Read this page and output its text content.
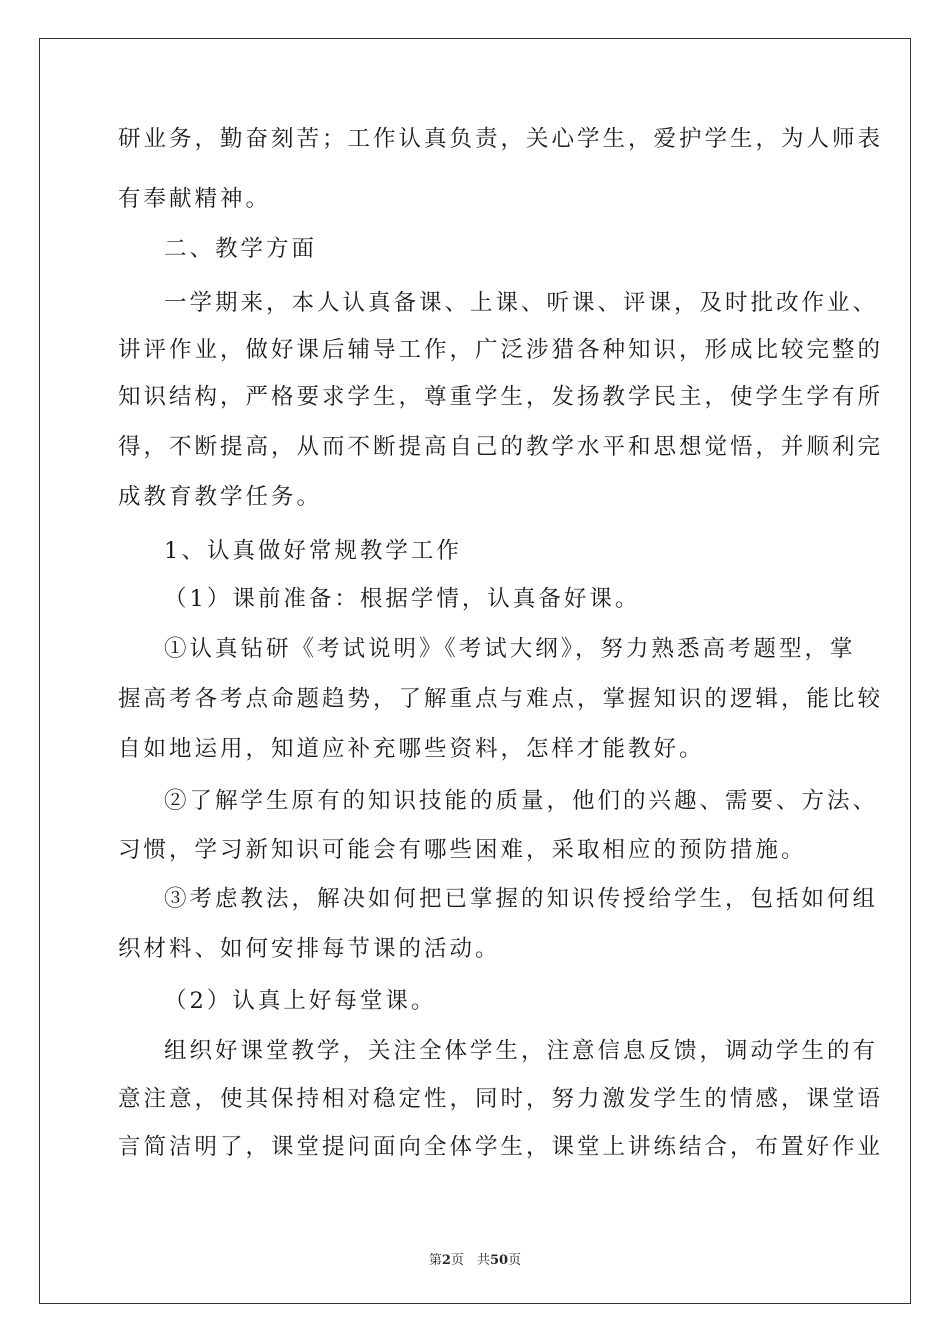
研业务，勤奋刻苦；工作认真负责，关心学生，爱护学生，为人师表
有奉献精神。
二、教学方面
一学期来，本人认真备课、上课、听课、评课，及时批改作业、
讲评作业，做好课后辅导工作，广泛涉猎各种知识，形成比较完整的
知识结构，严格要求学生，尊重学生，发扬教学民主，使学生学有所
得，不断提高，从而不断提高自己的教学水平和思想觉悟，并顺利完
成教育教学任务。
1、认真做好常规教学工作
（1）课前准备：根据学情，认真备好课。
①认真钻研《考试说明》《考试大纲》，努力熟悉高考题型，掌
握高考各考点命题趋势，了解重点与难点，掌握知识的逻辑，能比较
自如地运用，知道应补充哪些资料，怎样才能教好。
②了解学生原有的知识技能的质量，他们的兴趣、需要、方法、
习惯，学习新知识可能会有哪些困难，采取相应的预防措施。
③考虑教法，解决如何把已掌握的知识传授给学生，包括如何组
织材料、如何安排每节课的活动。
（2）认真上好每堂课。
组织好课堂教学，关注全体学生，注意信息反馈，调动学生的有
意注意，使其保持相对稳定性，同时，努力激发学生的情感，课堂语
言简洁明了，课堂提问面向全体学生，课堂上讲练结合，布置好作业
第2页　共50页
